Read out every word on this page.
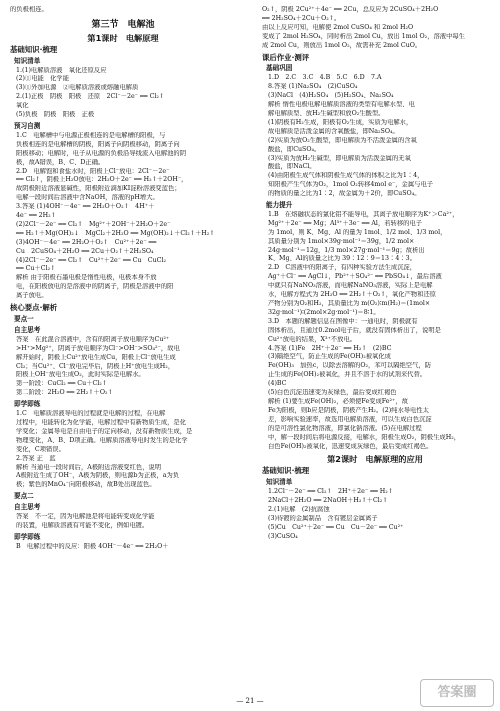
的负极相连。
第三节　电解池
第1课时　电解原理
基础知识·梳理
知识清单
1.(1)电解质溶液　氧化还原反应
(2)①电能　化学能
(3)①外加电源　②电解质溶液或熔融电解质
2.(1)正极　阴极　阳极　还原　2Cl⁻－2e⁻ ══ Cl₂↑
氧化
(5)负极　阴极　阳极　正极
预习自测
1.C　电解槽中与电源正极相连的是电解槽的阳极，与
负极相连的是电解槽的阴极，阳离子向阴极移动，阴离子向
阳极移动；电解时，电子从电源的负极沿导线流入电解池的阴
极，故A错误，B、C、D正确。
2.D　电解饱和食盐水时，阳极上Cl⁻放电：2Cl⁻－2e⁻
══ Cl₂↑，阴极上H₂O放电：2H₂O＋2e⁻ ══ H₂↑＋2OH⁻，
故阴极附近溶液显碱性，阳极附近滴加KI淀粉溶液变蓝色；
电解一段时间后溶液中含NaOH，溶液的pH增大。
3.答案 (1)4OH⁻－4e⁻ ══ 2H₂O＋O₂↑　4H⁺＋
4e⁻ ══ 2H₂↑
(2)2Cl⁻－2e⁻ ══ Cl₂↑　Mg²⁺＋2OH⁻＋2H₂O＋2e⁻
══ H₂↑＋Mg(OH)₂↓　MgCl₂＋2H₂O ══ Mg(OH)₂↓＋Cl₂↑＋H₂↑
(3)4OH⁻－4e⁻ ══ 2H₂O＋O₂↑　Cu²⁺＋2e⁻ ══
Cu　2CuSO₄＋2H₂O ══ 2Cu＋O₂↑＋2H₂SO₄
(4)2Cl⁻－2e⁻ ══ Cl₂↑　Cu²⁺＋2e⁻ ══ Cu　CuCl₂
══ Cu＋Cl₂↑
解析 由于阳极石墨电极是惰性电极，电极本身不放
电，在阳极放电的是溶液中的阴离子，阴极是溶液中的阳
离子放电。
核心要点·解析
要点一
自主思考
答案　在此混合溶液中，含有的阳离子放电顺序为Cu²⁺
>H⁺>Mg²⁺，阴离子放电顺序为Cl⁻>OH⁻>SO₄²⁻，故电
解开始时，阴极上Cu²⁺放电生成Cu，阳极上Cl⁻放电生成
Cl₂；当Cu²⁺、Cl⁻放电完毕后，阴极上H⁺放电生成H₂，
阳极上OH⁻放电生成O₂，此时实际是电解水。
第一阶段：CuCl₂ ══ Cu＋Cl₂↑
第二阶段：2H₂O ══ 2H₂↑＋O₂↑
即学即练
1.C　电解质溶液导电的过程就是电解的过程，在电解
过程中，电能转化为化学能，电解过程中有新物质生成，是化
学变化；金属导电是自由电子的定向移动，没有新物质生成，是
物理变化，A、B、D项正确。电解质溶液导电时发生的是化学
变化，C项错误。
2.答案 正　蓝
解析 当通电一段时间后，A极附近溶液变红色，说明
A极附近生成了OH⁻，A极为阴极，则电源b为正极，a为负
极；紫色的MnO₄⁻向阳极移动，故B处出现蓝色。
要点二
自主思考
答案　不一定，因为电解池是将电能转变成化学能
的装置，电解质溶液有可能不变化，例如电镀。
即学即练
B　电解过程中的反应：阳极 4OH⁻－4e⁻ ══ 2H₂O＋
O₂↑，阴极 2Cu²⁺＋4e⁻ ══ 2Cu，总反应为 2CuSO₄＋2H₂O
══ 2H₂SO₄＋2Cu＋O₂↑。
由以上反应可知，电解使 2mol CuSO₄ 和 2mol H₂O
变成了 2mol H₂SO₄，同时析出 2mol Cu，放出 1mol O₂，溶液中每生
成 2mol Cu，则放出 1mol O₂，故需补充 2mol CuO。
课后作业·测评
基础巩固
1.D　2.C　3.C　4.B　5.C　6.D　7.A
8.答案 (1)Na₂SO₄　(2)CuSO₄
(3)NaCl　(4)H₂SO₄　(5)H₂SO₄、Na₂SO₄
解析 惰性电极电解电解质溶液的类型有电解水型、电
解电解质型、放H₂生碱型和放O₂生酸型。
(1)阴极有H₂生成，阳极有O₂生成，实质为电解水，
故电解质是活泼金属的含氧酸盐，即Na₂SO₄。
(2)实质为放O₂生酸型，即电解质为不活泼金属的含氧
酸盐，即CuSO₄。
(3)实质为放H₂生碱型，即电解质为活泼金属的无氧
酸盐，即NaCl。
(4)由阳极生成气体和阴极生成气体的体积之比为1∶4，
知阳极产生气体为O₂，1mol O₂转移4mol e⁻，金属与电子
的物质的量之比为1∶2，故金属为＋2价，即CuSO₄。
能力提升
1.B　在熔融状态的氯化铝不能导电，其离子放电顺序为K⁺＞Ca²⁺，
Mg²⁺＋2e⁻ ══ Mg；Al³⁺＋3e⁻ ══ Al，若转移的电子
为 1mol，则 K、Mg、Al 的量为 1mol、1/2 mol、1/3 mol，
其质量分别为 1mol×39g·mol⁻¹＝39g，1/2 mol×
24g·mol⁻¹＝12g，1/3 mol×27g·mol⁻¹＝9g；故析出
K、Mg、Al的质量之比为 39∶12∶9＝13∶4∶3。
2.D　C溶液中的阳离子，有四种实验方法生成沉淀，
Ag⁺＋Cl⁻ ══ AgCl↓，Pb²⁺＋SO₄²⁻ ══ PbSO₄↓，最后溶液
中就只有NaNO₃溶液，而电解NaNO₃溶液，实际上是电解
水，电解方程式为 2H₂O ══ 2H₂↑＋O₂↑，氧化产物和还原
产物分别为O₂和H₂，其质量比为 m(O₂)∶m(H₂)＝(1mol×
32g·mol⁻¹)∶(2mol×2g·mol⁻¹)＝8∶1。
3.D　本题的解题信息在图像中：一通电时，阴极就有
固体析出，且通过0.2mol电子后，就没有固体析出了，说明是
Cu²⁺放电的结果，X³⁺不放电。
4.答案 (1)Fe　2H⁺＋2e⁻ ══ H₂↑　(2)BC
(3)隔绝空气，防止生成的Fe(OH)₂被氧化成
Fe(OH)₃　加热c，以除去溶解的O₂，苯可以隔绝空气，防
止生成的Fe(OH)₂被氧化，并且不溶于水的试剂来代替。
(4)BC
(5)白色沉淀迅速变为灰绿色，最后变成红褐色
解析 (1)要生成Fe(OH)₂，必须使Fe变成Fe²⁺，故
Fe为阳极，则b应是阴极，阴极产生H₂。(2)纯水导电性太
差，影响实验速率，故选用电解质溶液，可以生成白色沉淀
的是可溶性氯化物溶液，即氯化钠溶液。(5)在电解过程
中，解一段时间后将电源反接，电解水，阳极生成O₂，阴极生成H₂，
白色Fe(OH)₂被氧化，迅速变成灰绿色，最后变成红褐色。
第2课时　电解原理的应用
基础知识·梳理
知识清单
1.2Cl⁻－2e⁻ ══ Cl₂↑　2H⁺＋2e⁻ ══ H₂↑
2NaCl＋2H₂O ══ 2NaOH＋H₂↑＋Cl₂↑
2.(1)电解　(2)抗腐蚀
(3)待镀的金属制品　含有镀层金属离子
(5)Cu　Cu²⁺＋2e⁻ ══ Cu　Cu－2e⁻ ══ Cu²⁺
(3)CuSO₄
— 21 —
答案圈
